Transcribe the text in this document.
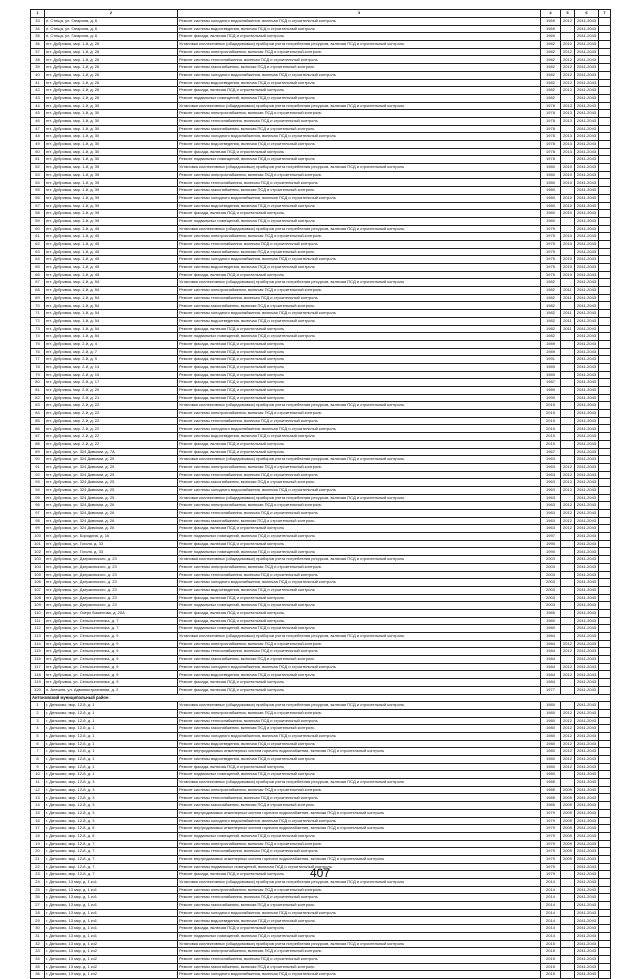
1	2	3	4	5	6	7
33	п. Стеща, ул. Гагарина, д. 6	Ремонт системы холодного водоснабжения, включая ПСД и строительный контроль	1969	2012	2041-2043	
34	п. Стеща, ул. Гагарина, д. 6	Ремонт системы водоотведения, включая ПСД и строительный контроль	1969		2041-2043	
35	п. Стеща, ул. Гагарина, д. 6	Ремонт фасада, включая ПСД и строительный контроль	1969		2041-2043	
36	пгт. Дубровка, мкр. 1-й, д. 26	Установка коллективных (общедомовых) приборов учета потребления ресурсов, включая ПСД и строительный контроль	1982	2012	2041-2043	
37	пгт. Дубровка, мкр. 1-й, д. 26	Ремонт системы электроснабжения, включая ПСД и строительный контроль	1982	2012	2041-2043	
38	пгт. Дубровка, мкр. 1-й, д. 26	Ремонт системы теплоснабжения, включая ПСД и строительный контроль	1982	2012	2041-2043	
39	пгт. Дубровка, мкр. 1-й, д. 26	Ремонт системы газоснабжения, включая ПСД и строительный контроль	1982	2012	2041-2043	
40	пгт. Дубровка, мкр. 1-й, д. 26	Ремонт системы холодного водоснабжения, включая ПСД и строительный контроль	1982	2012	2041-2043	
41	пгт. Дубровка, мкр. 1-й, д. 26	Ремонт системы водоотведения, включая ПСД и строительный контроль	1982	2012	2041-2043	
42	пгт. Дубровка, мкр. 1-й, д. 26	Ремонт фасада, включая ПСД и строительный контроль	1982	2012	2041-2043	
43	пгт. Дубровка, мкр. 1-й, д. 26	Ремонт подвальных помещений, включая ПСД и строительный контроль	1982		2041-2043	
44	пгт. Дубровка, мкр. 1-й, д. 30	Установка коллективных (общедомовых) приборов учета потребления ресурсов, включая ПСД и строительный контроль	1978	2013	2041-2043	
45	пгт. Дубровка, мкр. 1-й, д. 30	Ремонт системы электроснабжения, включая ПСД и строительный контроль	1978	2013	2041-2043	
46	пгт. Дубровка, мкр. 1-й, д. 30	Ремонт системы теплоснабжения, включая ПСД и строительный контроль	1978	2013	2041-2043	
47	пгт. Дубровка, мкр. 1-й, д. 30	Ремонт системы газоснабжения, включая ПСД и строительный контроль	1978		2041-2043	
48	пгт. Дубровка, мкр. 1-й, д. 30	Ремонт системы холодного водоснабжения, включая ПСД и строительный контроль	1978	2013	2041-2043	
49	пгт. Дубровка, мкр. 1-й, д. 30	Ремонт системы водоотведения, включая ПСД и строительный контроль	1978	2013	2041-2043	
50	пгт. Дубровка, мкр. 1-й, д. 30	Ремонт фасада, включая ПСД и строительный контроль	1978	2013	2041-2043	
51	пгт. Дубровка, мкр. 1-й, д. 30	Ремонт подвальных помещений, включая ПСД и строительный контроль	1978		2041-2043	
52	пгт. Дубровка, мкр. 1-й, д. 39	Установка коллективных (общедомовых) приборов учета потребления ресурсов, включая ПСД и строительный контроль	1980	2010	2041-2043	
53	пгт. Дубровка, мкр. 1-й, д. 39	Ремонт системы электроснабжения, включая ПСД и строительный контроль	1980	2010	2041-2043	
54	пгт. Дубровка, мкр. 1-й, д. 39	Ремонт системы теплоснабжения, включая ПСД и строительный контроль	1980	2010	2041-2043	
55	пгт. Дубровка, мкр. 1-й, д. 39	Ремонт системы газоснабжения, включая ПСД и строительный контроль	1980		2041-2043	
56	пгт. Дубровка, мкр. 1-й, д. 39	Ремонт системы холодного водоснабжения, включая ПСД и строительный контроль	1980	2010	2041-2043	
57	пгт. Дубровка, мкр. 1-й, д. 39	Ремонт системы водоотведения, включая ПСД и строительный контроль	1980	2010	2041-2043	
58	пгт. Дубровка, мкр. 1-й, д. 39	Ремонт фасада, включая ПСД и строительный контроль	1980	2010	2041-2043	
59	пгт. Дубровка, мкр. 1-й, д. 39	Ремонт подвальных помещений, включая ПСД и строительный контроль	1980		2041-2043	
60	пгт. Дубровка, мкр. 1-й, д. 45	Установка коллективных (общедомовых) приборов учета потребления ресурсов, включая ПСД и строительный контроль	1975		2041-2043	
61	пгт. Дубровка, мкр. 1-й, д. 45	Ремонт системы электроснабжения, включая ПСД и строительный контроль	1975	2010	2041-2043	
62	пгт. Дубровка, мкр. 1-й, д. 45	Ремонт системы теплоснабжения, включая ПСД и строительный контроль	1975	2010	2041-2043	
63	пгт. Дубровка, мкр. 1-й, д. 45	Ремонт системы газоснабжения, включая ПСД и строительный контроль	1975		2041-2043	
64	пгт. Дубровка, мкр. 1-й, д. 45	Ремонт системы холодного водоснабжения, включая ПСД и строительный контроль	1975	2010	2041-2043	
65	пгт. Дубровка, мкр. 1-й, д. 45	Ремонт системы водоотведения, включая ПСД и строительный контроль	1975	2010	2041-2043	
66	пгт. Дубровка, мкр. 1-й, д. 45	Ремонт фасада, включая ПСД и строительный контроль	1975	2010	2041-2043	
67	пгт. Дубровка, мкр. 1-й, д. 54	Установка коллективных (общедомовых) приборов учета потребления ресурсов, включая ПСД и строительный контроль	1982		2041-2043	
68	пгт. Дубровка, мкр. 1-й, д. 54	Ремонт системы электроснабжения, включая ПСД и строительный контроль	1982	2011	2041-2043	
69	пгт. Дубровка, мкр. 1-й, д. 54	Ремонт системы теплоснабжения, включая ПСД и строительный контроль	1982	2011	2041-2043	
70	пгт. Дубровка, мкр. 1-й, д. 54	Ремонт системы газоснабжения, включая ПСД и строительный контроль	1982		2041-2043	
71	пгт. Дубровка, мкр. 1-й, д. 54	Ремонт системы холодного водоснабжения, включая ПСД и строительный контроль	1982	2011	2041-2043	
72	пгт. Дубровка, мкр. 1-й, д. 54	Ремонт системы водоотведения, включая ПСД и строительный контроль	1982	2011	2041-2043	
73	пгт. Дубровка, мкр. 1-й, д. 54	Ремонт фасада, включая ПСД и строительный контроль	1982	2011	2041-2043	
74	пгт. Дубровка, мкр. 1-й, д. 54	Ремонт подвальных помещений, включая ПСД и строительный контроль	1982		2041-2043	
75	пгт. Дубровка, мкр. 2-й, д. 4	Ремонт фасада, включая ПСД и строительный контроль	1989		2041-2043	
76	пгт. Дубровка, мкр. 2-й, д. 7	Ремонт фасада, включая ПСД и строительный контроль	1989		2041-2043	
77	пгт. Дубровка, мкр. 2-й, д. 9	Ремонт фасада, включая ПСД и строительный контроль	1991		2041-2043	
78	пгт. Дубровка, мкр. 2-й, д. 14	Ремонт фасада, включая ПСД и строительный контроль	1989		2041-2043	
79	пгт. Дубровка, мкр. 2-й, д. 15	Ремонт фасада, включая ПСД и строительный контроль	1989		2041-2043	
80	пгт. Дубровка, мкр. 2-й, д. 17	Ремонт фасада, включая ПСД и строительный контроль	1987		2041-2043	
81	пгт. Дубровка, мкр. 2-й, д. 20	Ремонт фасада, включая ПСД и строительный контроль	1989		2041-2043	
82	пгт. Дубровка, мкр. 2-й, д. 21	Ремонт фасада, включая ПСД и строительный контроль	1990		2041-2043	
83	пгт. Дубровка, мкр. 2-й, д. 22	Установка коллективных (общедомовых) приборов учета потребления ресурсов, включая ПСД и строительный контроль	2015		2041-2043	
84	пгт. Дубровка, мкр. 2-й, д. 22	Ремонт системы электроснабжения, включая ПСД и строительный контроль	2015		2041-2043	
85	пгт. Дубровка, мкр. 2-й, д. 22	Ремонт системы теплоснабжения, включая ПСД и строительный контроль	2015		2041-2043	
86	пгт. Дубровка, мкр. 2-й, д. 22	Ремонт системы холодного водоснабжения, включая ПСД и строительный контроль	2015		2041-2043	
87	пгт. Дубровка, мкр. 2-й, д. 22	Ремонт системы водоотведения, включая ПСД и строительный контроль	2015		2041-2043	
88	пгт. Дубровка, мкр. 2-й, д. 22	Ремонт фасада, включая ПСД и строительный контроль	2015		2041-2043	
89	пгт. Дубровка, ул. 324 Дивизии, д. 7А	Ремонт фасада, включая ПСД и строительный контроль	1967		2041-2043	
90	пгт. Дубровка, ул. 324 Дивизии, д. 25	Установка коллективных (общедомовых) приборов учета потребления ресурсов, включая ПСД и строительный контроль	1963		2041-2043	
91	пгт. Дубровка, ул. 324 Дивизии, д. 25	Ремонт системы электроснабжения, включая ПСД и строительный контроль	1963	2012	2041-2043	
92	пгт. Дубровка, ул. 324 Дивизии, д. 25	Ремонт системы теплоснабжения, включая ПСД и строительный контроль	1963	2012	2041-2043	
93	пгт. Дубровка, ул. 324 Дивизии, д. 25	Ремонт системы газоснабжения, включая ПСД и строительный контроль	1963	2012	2041-2043	
94	пгт. Дубровка, ул. 324 Дивизии, д. 25	Ремонт системы холодного водоснабжения, включая ПСД и строительный контроль	1963	2012	2041-2043	
95	пгт. Дубровка, ул. 324 Дивизии, д. 25	Установка коллективных (общедомовых) приборов учета потребления ресурсов, включая ПСД и строительный контроль	1963		2041-2043	
96	пгт. Дубровка, ул. 324 Дивизии, д. 26	Ремонт системы электроснабжения, включая ПСД и строительный контроль	1963	2012	2041-2043	
97	пгт. Дубровка, ул. 324 Дивизии, д. 26	Ремонт системы теплоснабжения, включая ПСД и строительный контроль	1963	2012	2041-2043	
98	пгт. Дубровка, ул. 324 Дивизии, д. 26	Ремонт системы газоснабжения, включая ПСД и строительный контроль	1963	2012	2041-2043	
99	пгт. Дубровка, ул. 324 Дивизии, д. 26	Ремонт фасада, включая ПСД и строительный контроль	1963	2012	2041-2043	
100	пгт. Дубровка, ул. Бородина, д. 16	Ремонт подвальных помещений, включая ПСД и строительный контроль	1997		2041-2043	
101	пгт. Дубровка, ул. Гоголя, д. 33	Ремонт фасада, включая ПСД и строительный контроль	1990		2041-2043	
102	пгт. Дубровка, ул. Гоголя, д. 33	Ремонт подвальных помещений, включая ПСД и строительный контроль	1990		2041-2043	
103	пгт. Дубровка, ул. Дзержинского, д. 23	Установка коллективных (общедомовых) приборов учета потребления ресурсов, включая ПСД и строительный контроль	2003		2041-2043	
104	пгт. Дубровка, ул. Дзержинского, д. 23	Ремонт системы электроснабжения, включая ПСД и строительный контроль	2003		2041-2043	
105	пгт. Дубровка, ул. Дзержинского, д. 23	Ремонт системы теплоснабжения, включая ПСД и строительный контроль	2003		2041-2043	
106	пгт. Дубровка, ул. Дзержинского, д. 23	Ремонт системы холодного водоснабжения, включая ПСД и строительный контроль	2003		2041-2043	
107	пгт. Дубровка, ул. Дзержинского, д. 23	Ремонт системы водоотведения, включая ПСД и строительный контроль	2003		2041-2043	
108	пгт. Дубровка, ул. Дзержинского, д. 23	Ремонт фасада, включая ПСД и строительный контроль	2003		2041-2043	
109	пгт. Дубровка, ул. Дзержинского, д. 23	Ремонт подвальных помещений, включая ПСД и строительный контроль	2003		2041-2043	
110	пгт. Дубровка, ул. Озеро Баженова, д. 20А	Ремонт фасада, включая ПСД и строительный контроль	1985		2041-2043	
111	пгт. Дубровка, ул. Сельхозтехника, д. 7	Ремонт фасада, включая ПСД и строительный контроль	1980		2041-2043	
112	пгт. Дубровка, ул. Сельхозтехника, д. 7	Ремонт подвальных помещений, включая ПСД и строительный контроль	1980		2041-2043	
113	пгт. Дубровка, ул. Сельхозтехника, д. 9	Установка коллективных (общедомовых) приборов учета потребления ресурсов, включая ПСД и строительный контроль	1984		2041-2043	
114	пгт. Дубровка, ул. Сельхозтехника, д. 9	Ремонт системы электроснабжения, включая ПСД и строительный контроль	1984	2012	2041-2043	
115	пгт. Дубровка, ул. Сельхозтехника, д. 9	Ремонт системы теплоснабжения, включая ПСД и строительный контроль	1984	2012	2041-2043	
116	пгт. Дубровка, ул. Сельхозтехника, д. 9	Ремонт системы газоснабжения, включая ПСД и строительный контроль	1984		2041-2043	
117	пгт. Дубровка, ул. Сельхозтехника, д. 9	Ремонт системы холодного водоснабжения, включая ПСД и строительный контроль	1984	2012	2041-2043	
118	пгт. Дубровка, ул. Сельхозтехника, д. 9	Ремонт системы водоотведения, включая ПСД и строительный контроль	1984	2012	2041-2043	
119	пгт. Дубровка, ул. Сельхозтехника, д. 9	Ремонт фасада, включая ПСД и строительный контроль	1984		2041-2043	
120	п. Алешня, ул. Административная, д. 2	Ремонт фасада, включая ПСД и строительный контроль	1977		2041-2043	
Антоновский муниципальный район						
1	г. Дятьково, мкр. 12-й, д. 1	Установка коллективных (общедомовых) приборов учета потребления ресурсов, включая ПСД и строительный контроль	1980		2041-2043	
2	г. Дятьково, мкр. 12-й, д. 1	Ремонт системы электроснабжения, включая ПСД и строительный контроль	1980	2012	2041-2043	
3	г. Дятьково, мкр. 12-й, д. 1	Ремонт системы теплоснабжения, включая ПСД и строительный контроль	1980	2012	2041-2043	
4	г. Дятьково, мкр. 12-й, д. 1	Ремонт системы газоснабжения, включая ПСД и строительный контроль	1980	2012	2041-2043	
5	г. Дятьково, мкр. 12-й, д. 1	Ремонт системы холодного водоснабжения, включая ПСД и строительный контроль	1980	2012	2041-2043	
6	г. Дятьково, мкр. 12-й, д. 1	Ремонт системы водоотведения, включая ПСД и строительный контроль	1980	2012	2041-2043	
7	г. Дятьково, мкр. 12-й, д. 1	Ремонт внутридомовых инженерных систем горячего водоснабжения, включая ПСД и строительный контроль	1980	2012	2041-2043	
8	г. Дятьково, мкр. 12-й, д. 1	Ремонт системы водоотведения, включая ПСД и строительный контроль	1980	2012	2041-2043	
9	г. Дятьково, мкр. 12-й, д. 1	Ремонт фасада, включая ПСД и строительный контроль	1980	2012	2041-2043	
10	г. Дятьково, мкр. 12-й, д. 1	Ремонт подвальных помещений, включая ПСД и строительный контроль	1980		2041-2043	
11	г. Дятьково, мкр. 12-й, д. 3	Установка коллективных (общедомовых) приборов учета потребления ресурсов, включая ПСД и строительный контроль	1985		2041-2043	
12	г. Дятьково, мкр. 12-й, д. 3	Ремонт системы электроснабжения, включая ПСД и строительный контроль	1985	2009	2041-2043	
13	г. Дятьково, мкр. 12-й, д. 3	Ремонт системы теплоснабжения, включая ПСД и строительный контроль	1985	2009	2041-2043	
14	г. Дятьково, мкр. 12-й, д. 3	Ремонт системы газоснабжения, включая ПСД и строительный контроль	1985	2009	2041-2043	
15	г. Дятьково, мкр. 12-й, д. 3	Ремонт внутридомовых инженерных систем горячего водоснабжения, включая ПСД и строительный контроль	1979	2009	2041-2043	
16	г. Дятьково, мкр. 12-й, д. 3	Ремонт системы холодного водоснабжения, включая ПСД и строительный контроль	1979	2009	2041-2043	
17	г. Дятьково, мкр. 12-й, д. 6	Ремонт внутридомовых инженерных систем горячего водоснабжения, включая ПСД и строительный контроль	1979	2009	2041-2043	
18	г. Дятьково, мкр. 12-й, д. 6	Ремонт подвальных помещений, включая ПСД и строительный контроль	1979	2009	2041-2043	
19	г. Дятьково, мкр. 12-й, д. 7	Ремонт системы электроснабжения, включая ПСД и строительный контроль	1979	2009	2041-2043	
20	г. Дятьково, мкр. 12-й, д. 7	Ремонт системы теплоснабжения, включая ПСД и строительный контроль	1979	2009	2041-2043	
21	г. Дятьково, мкр. 12-й, д. 7	Ремонт внутридомовых инженерных систем горячего водоснабжения, включая ПСД и строительный контроль	1979	2009	2041-2043	
22	г. Дятьково, мкр. 12-й, д. 7	Ремонт системы подвальных помещений, включая ПСД и строительный контроль	1979		2041-2043	
23	г. Дятьково, мкр. 12-й, д. 7	Ремонт фасада, включая ПСД и строительный контроль	1979		2041-2043	
24	г. Дятьково, 13 мкр. д. 1 кч1	Установка коллективных (общедомовых) приборов учета потребления ресурсов, включая ПСД и строительный контроль	2014		2041-2043	
25	г. Дятьково, 13 мкр. д. 1 кч1	Ремонт системы электроснабжения, включая ПСД и строительный контроль	2014		2041-2043	
26	г. Дятьково, 13 мкр. д. 1 кч1	Ремонт системы теплоснабжения, включая ПСД и строительный контроль	2014		2041-2043	
27	г. Дятьково, 13 мкр. д. 1 кч1	Ремонт системы газоснабжения, включая ПСД и строительный контроль	2014		2041-2043	
28	г. Дятьково, 13 мкр. д. 1 кч1	Ремонт системы холодного водоснабжения, включая ПСД и строительный контроль	2014		2041-2043	
29	г. Дятьково, 13 мкр. д. 1 кч1	Ремонт системы водоотведения, включая ПСД и строительный контроль	2014		2041-2043	
30	г. Дятьково, 13 мкр. д. 1 кч1	Ремонт фасада, включая ПСД и строительный контроль	2014		2041-2043	
31	г. Дятьково, 13 мкр. д. 1 кч1	Ремонт подвальных помещений, включая ПСД и строительный контроль	2014		2041-2043	
32	г. Дятьково, 13 мкр. д. 1 кч2	Установка коллективных (общедомовых) приборов учета потребления ресурсов, включая ПСД и строительный контроль	2015		2041-2043	
33	г. Дятьково, 13 мкр. д. 1 кч2	Ремонт системы электроснабжения, включая ПСД и строительный контроль	2015		2041-2043	
34	г. Дятьково, 13 мкр. д. 1 кч2	Ремонт системы теплоснабжения, включая ПСД и строительный контроль	2015		2041-2043	
35	г. Дятьково, 13 мкр. д. 1 кч2	Ремонт системы газоснабжения, включая ПСД и строительный контроль	2015		2041-2043	
36	г. Дятьково, 13 мкр. д. 1 кч2	Ремонт системы холодного водоснабжения, включая ПСД и строительный контроль	2015		2041-2043	
407
